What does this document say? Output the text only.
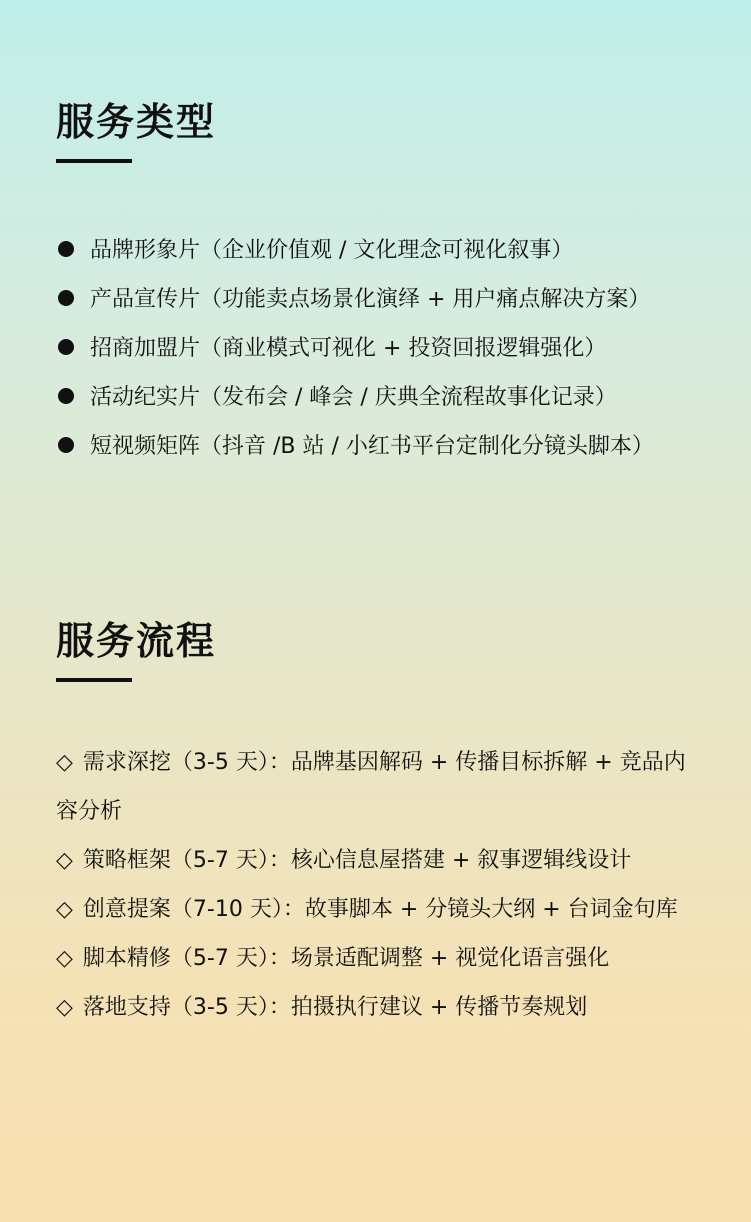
服务类型
品牌形象片（企业价值观 / 文化理念可视化叙事）
产品宣传片（功能卖点场景化演绎 + 用户痛点解决方案）
招商加盟片（商业模式可视化 + 投资回报逻辑强化）
活动纪实片（发布会 / 峰会 / 庆典全流程故事化记录）
短视频矩阵（抖音 /B 站 / 小红书平台定制化分镜头脚本）
服务流程
◇ 需求深挖（3-5 天）：品牌基因解码 + 传播目标拆解 + 竞品内容分析
◇ 策略框架（5-7 天）：核心信息屋搭建 + 叙事逻辑线设计
◇ 创意提案（7-10 天）：故事脚本 + 分镜头大纲 + 台词金句库
◇ 脚本精修（5-7 天）：场景适配调整 + 视觉化语言强化
◇ 落地支持（3-5 天）：拍摄执行建议 + 传播节奏规划
